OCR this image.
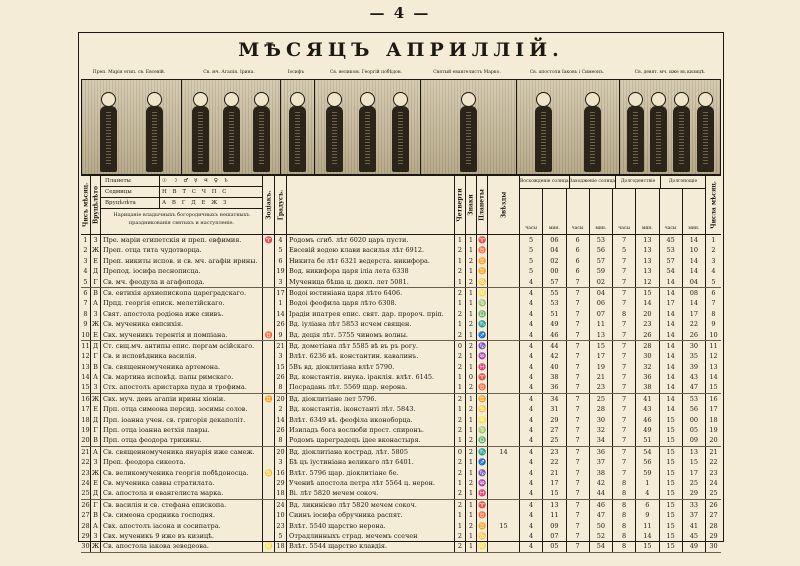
— 4 —
МѢСЯЦЪ АПРИЛЛІЙ.
Преп. Марія егип. св. Евсевій.	Св. мч. Агапія. Ірина.	Іосифъ	Св. великом. Георгій побѣдон.	Святый евангелистъ Марко.	Св. апостоли Іаковъ і Симеонъ.	Св. девят. мч. иже въ кизицѣ.
Чисъ мѣсяц. Вруцѣлѣто
Планеты	☉ ☽ ♂ ☿ ♃ ♀ ♄
Седмицы	Н В Т С Ч П С
Вруцѣлѣта	А В Г Д Е Ж З
Нарицаніе владычныхъ богородичныхъ нешатныхъ праздникованія святыхъ и наступленіе.
Зодіакъ. Градусъ.	Четверти Знаки Планеты Звѣзды
Восхожденіе солнца Заходженіе солнца	Долгоденствіе	Долгонощіе
часы	мин.	часы	мин.	часы	мин.	часы	мин.	Числа мѣсяц.
1 З Пре. маріи египетскія и преп. евфимия.	♈ 4 Родомъ сгиб. лѣт 6020 царъ пусти.	1	1 ♈	5	06	6	53	7	13	45	14	1
2 Ж Преп. отца тита чудотворца.	5 Евсевій водою клави василья лѣт 6912.	2	1 ♉	5	04	6	56	5	13	53	10	2
3 Е Преп. никиты испов. и св. мч. агафіи ирины.	6 Никита бе лѣт 6321 ведерста. никифора.	1	2 ♊	5	02	6	57	7	13	57	14	3
4 Д Препод. іосифа песнописца.	19 Вод. никифора царя іліа лета 6338	2	1 ♊	5	00	6	59	7	13	54	14	4
5 Г Св. мч. феодула и агафопода.	3 Мученица бѣша ц. дюкл. лет 5081.	1	2 ♋	4	57	7	02	7	12	14	04	5
6 В Св. евтихія архиепископа цареградскаго.	17 Водоі юстиніана царя лѣто 6406.	2	1 ♌	4	55	7	04	7	15	14	08	6
7 А Прпд. георгія еписк. мелетійскаго.	1 Водоі феофила царя лѣто 6308.	1	1 ♍	4	53	7	06	7	14	17	14	7
8 З Свят. апостола родіона иже сиивъ.	14 Ірадіи ипатрея епис. свят. дар. пророч. пріп.	2	1 ♎	4	51	7	07	8	20	14	17	8
9 Ж Св. мученика евпсихія.	26 Вд. іуліана лѣт 5853 исчем священ.	1	2 ♏	4	49	7	11	7	23	14	22	9
10 Е Свх. мученикъ терентія и помпіана.	♉ 9 Вд. деція лѣт. 5755 чиномъ волны.	2	1 ♐	4	46	7	13	7	26	14	26	10
11 Д Ст. свщ.мч. антипы епис. пергам асійскаго.	21 Вд. дометіана лѣт 5585 вѣ въ ръ рогу.	0	2 ♑	4	44	7	15	7	28	14	30	11
12 Г Св. и исповѣдника василія.	3 Влѣт. 6236 вѣ. константин. кавалинъ.	2	1 ♒	4	42	7	17	7	30	14	35	12
13 В Св. священномученика артемона.	15 5Въ вд. діоклитіана влѣт 5790.	2	1 ♓	4	40	7	19	7	32	14	39	13
14 А Св. мартина исповѣд. папы римскаго.	26 Вд. константія. внука. іраклія. влѣт. 6145.	1	0 ♈	4	38	7	21	7	36	14	43	14
15 З Стх. апостолъ аристарха пуда и трофима.	8 Посрадань лѣт. 5569 щар. нерона.	1	2 ♉	4	36	7	23	7	38	14	47	15
16 Ж Свх. муч. девъ агапіи ирины хіоніи.	♊ 20 Вд. діоклитіане лет 5796.	2	1 ♊	4	34	7	25	7	41	14	53	16
17 Е Прп. отца симеона персид. зосимы солов.	2 Вд. константія. іконстанті лѣт. 5843.	1	2 ♋	4	31	7	28	7	43	14	56	17
18 Д Прп. іоанна учен. св. григорія декаполіт.	14 Влѣт. 6349 вѣ. феофіла иконоборца.	2	1 ♌	4	29	7	30	7	46	15	00	18
19 Г Прп. отца іоанна ветхія лавры.	26 Изиладъ бога вослюби прост. спиронъ.	2	1 ♍	4	27	7	32	7	49	15	05	19
20 В Прп. отца феодора трихины.	8 Родомъ цареградецъ ідее вконастыря.	1	2 ♎	4	25	7	34	7	51	15	09	20
21 А Св. священномученика януарія иже самеж.	20 Вд. діоклитіана кострад. лѣт. 5805	0	2 ♏	14	4	23	7	36	7	54	15	13	21
22 З Преп. феодора сикеота.	3 Бѣ цъ іустиніана великаго лѣт 6401.	2	1 ♐	4	22	7	37	7	56	15	15	22
23 Ж Св. великомученика георгія побѣдоносца.	♋ 16 Влѣт. 5796 щар. діоклитіане бе.	2	1 ♑	4	21	7	38	7	59	15	17	23
24 Е Св. мученика саввы стратилата.	29 Учениѣ апостола петра лѣт 5564 ц. нерон.	1	2 ♒	4	17	7	42	8	1	15	25	24
25 Д Св. апостола и евангелиста марка.	18 Ві. лѣт 5820 мечем сокоч.	2	1 ♓	4	15	7	44	8	4	15	29	25
26 Г Св. василія и св. стефана епископа.	24 Вд. ликинієво лѣт 5820 мечем сокоч.	2	1 ♈	4	13	7	46	8	6	15	33	26
27 В Св. симеона сродника господня.	10 Сиинъ іосифа обручника распят.	1	1 ♉	4	11	7	47	8	9	15	37	27
28 А Свх. апостолъ іасона и сосипатра.	23 Влѣт. 5540 щарство нерона.	1	2 ♊	15	4	09	7	50	8	11	15	41	28
29 З Свх. мученикъ 9 иже въ кизицѣ.	5 Отрадлинныхъ страд. мечемъ ссечен	2	1 ♋	4	07	7	52	8	14	15	45	29
30 Ж Св. апостола іакова зеведеова.	♌ 18 Влѣт. 5544 щарство клавдія.	2	1 ♌	4	05	7	54	8	15	15	49	30
